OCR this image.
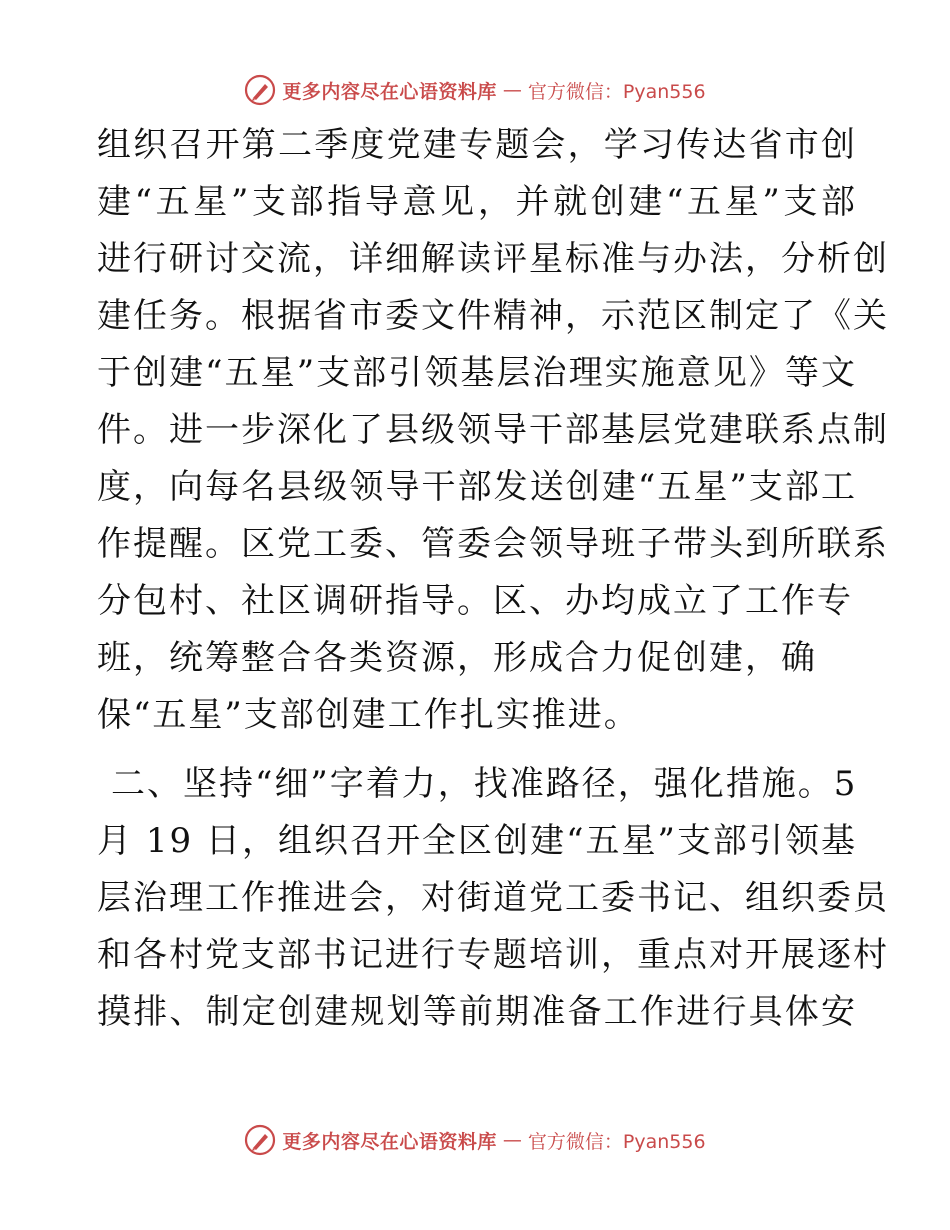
更多内容尽在心语资料库 — 官方微信：Pyan556
组织召开第二季度党建专题会，学习传达省市创
建“五星”支部指导意见，并就创建“五星”支部
进行研讨交流，详细解读评星标准与办法，分析创
建任务。根据省市委文件精神，示范区制定了《关
于创建“五星”支部引领基层治理实施意见》等文
件。进一步深化了县级领导干部基层党建联系点制
度，向每名县级领导干部发送创建“五星”支部工
作提醒。区党工委、管委会领导班子带头到所联系
分包村、社区调研指导。区、办均成立了工作专
班，统筹整合各类资源，形成合力促创建，确
保“五星”支部创建工作扎实推进。
二、坚持“细”字着力，找准路径，强化措施。5
月 19 日，组织召开全区创建“五星”支部引领基
层治理工作推进会，对街道党工委书记、组织委员
和各村党支部书记进行专题培训，重点对开展逐村
摸排、制定创建规划等前期准备工作进行具体安
更多内容尽在心语资料库 — 官方微信：Pyan556
